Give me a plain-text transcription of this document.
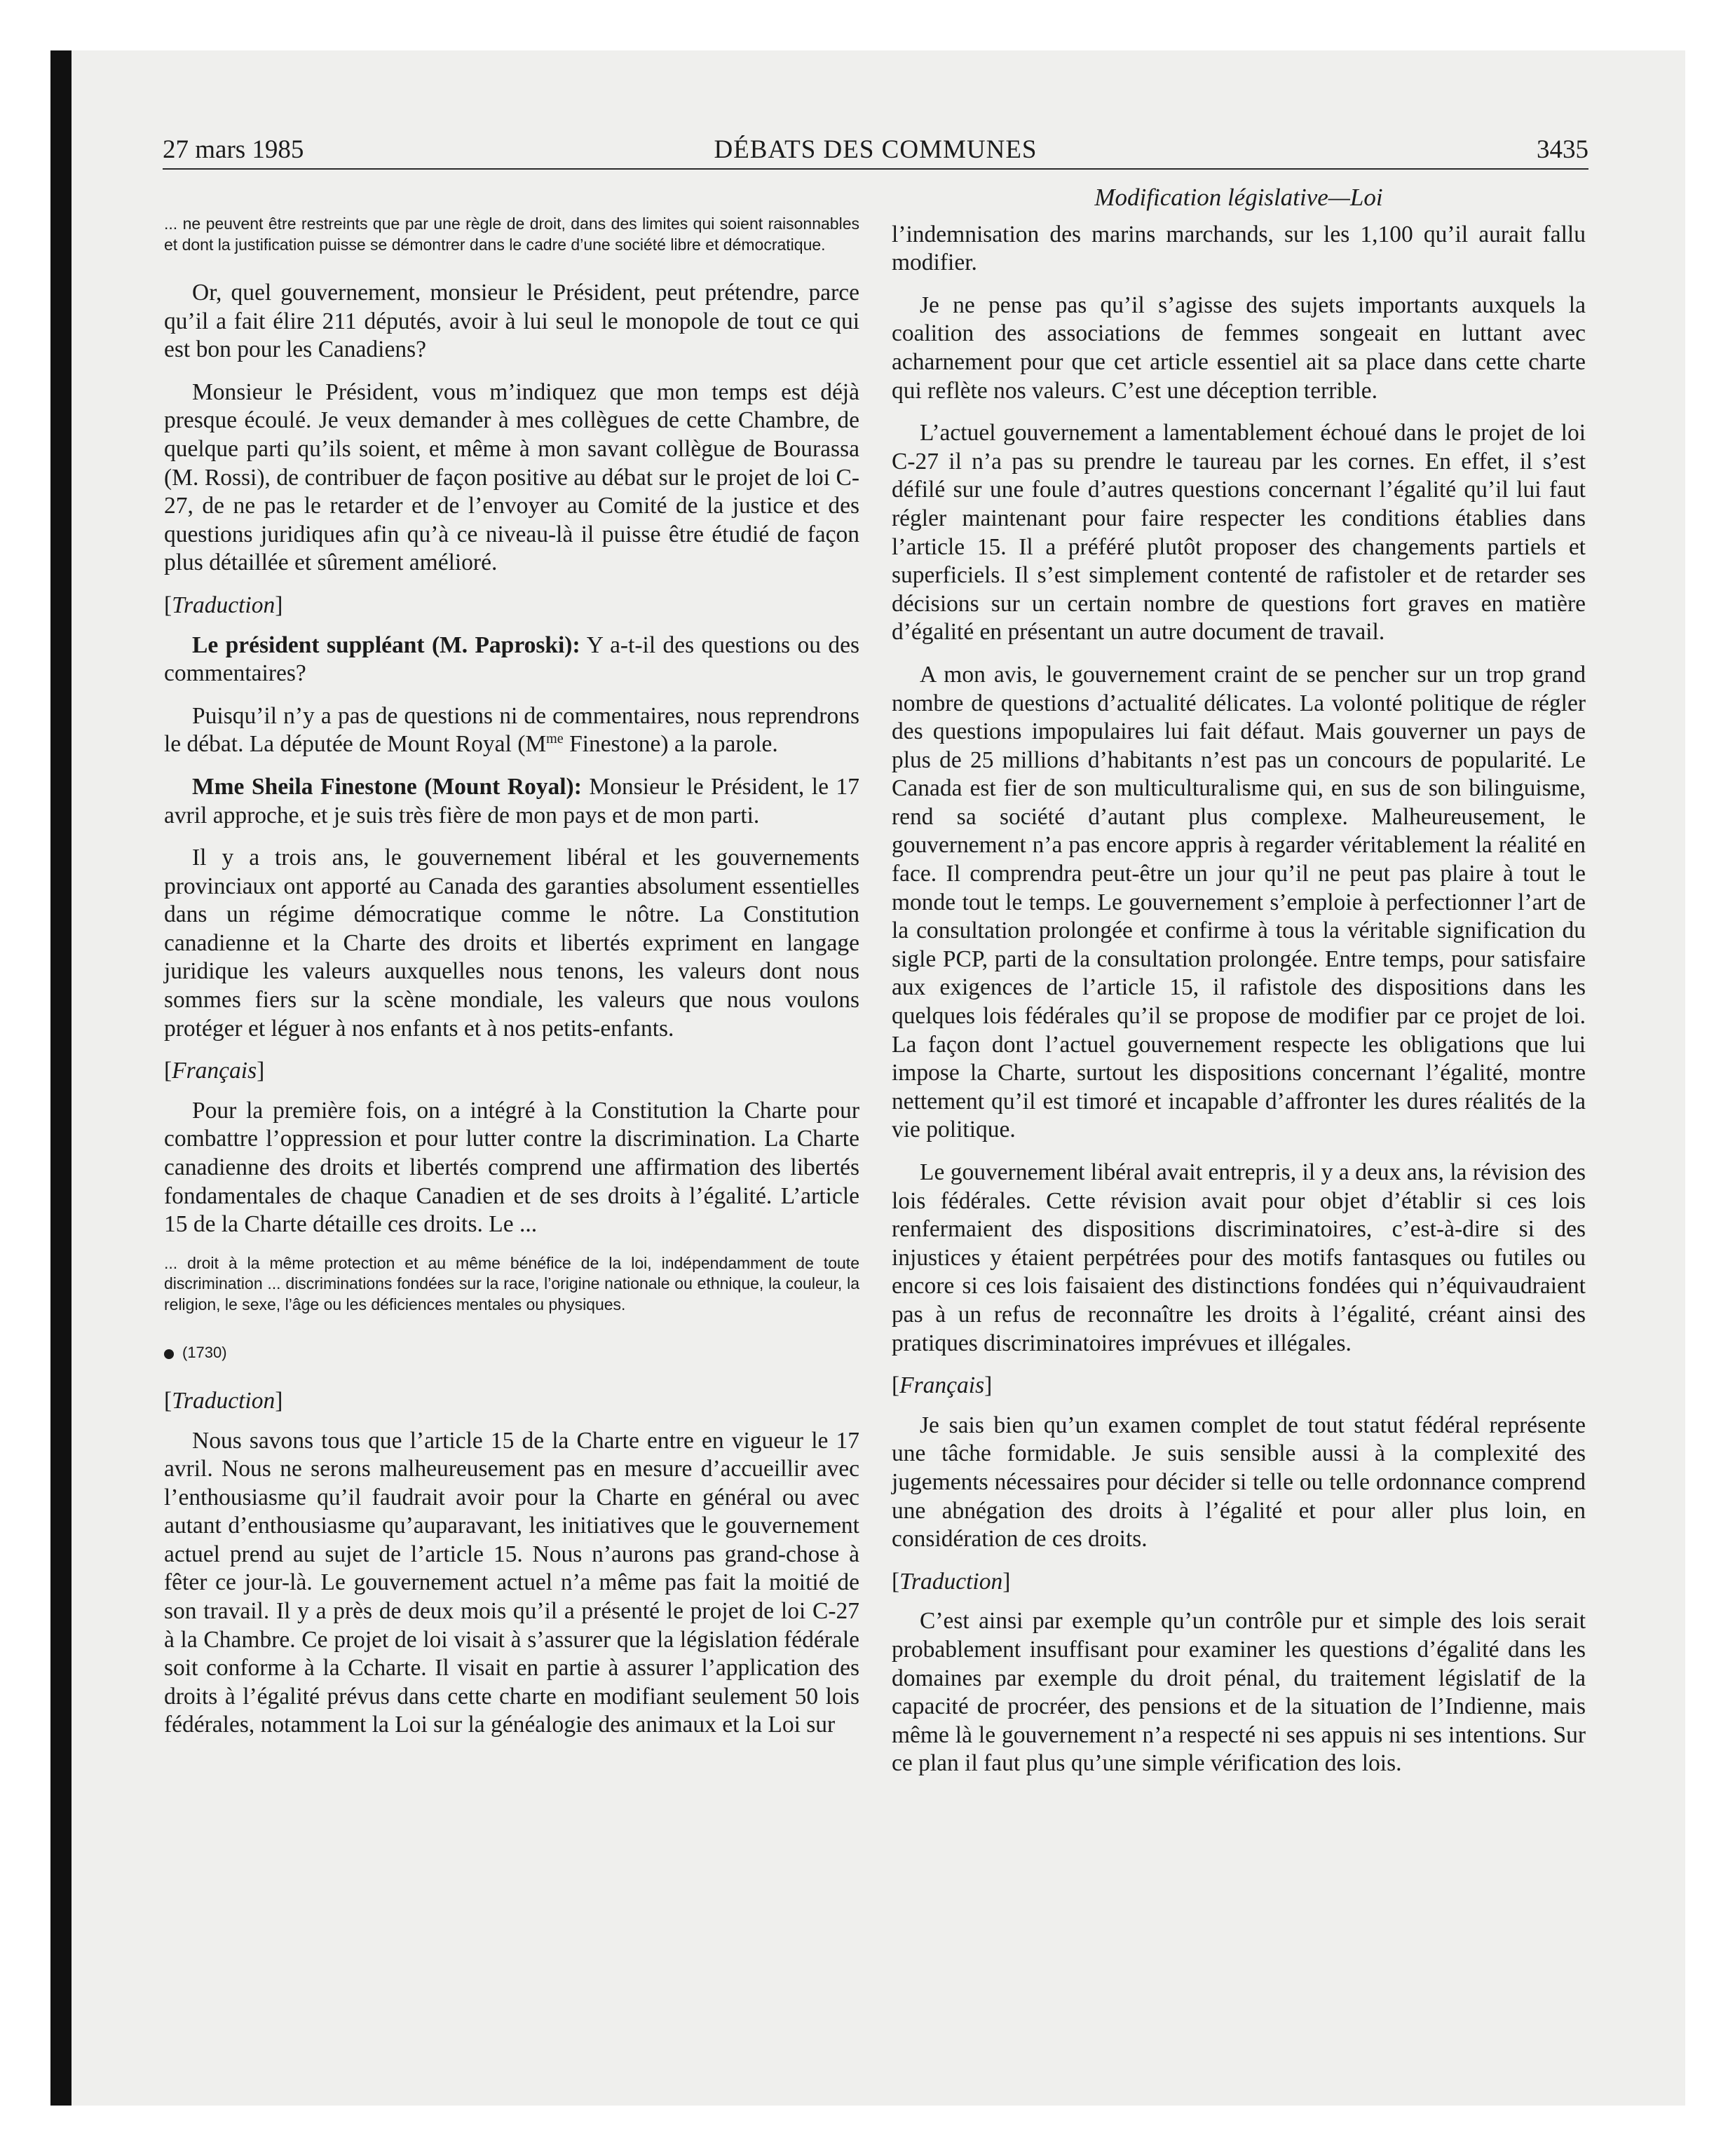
27 mars 1985	DÉBATS DES COMMUNES	3435

... ne peuvent être restreints que par une règle de droit, dans des limites qui soient raisonnables et dont la justification puisse se démontrer dans le cadre d’une société libre et démocratique.

Or, quel gouvernement, monsieur le Président, peut prétendre, parce qu’il a fait élire 211 députés, avoir à lui seul le monopole de tout ce qui est bon pour les Canadiens?

Monsieur le Président, vous m’indiquez que mon temps est déjà presque écoulé. Je veux demander à mes collègues de cette Chambre, de quelque parti qu’ils soient, et même à mon savant collègue de Bourassa (M. Rossi), de contribuer de façon positive au débat sur le projet de loi C-27, de ne pas le retarder et de l’envoyer au Comité de la justice et des questions juridiques afin qu’à ce niveau-là il puisse être étudié de façon plus détaillée et sûrement amélioré.

[Traduction]

Le président suppléant (M. Paproski): Y a-t-il des questions ou des commentaires?

Puisqu’il n’y a pas de questions ni de commentaires, nous reprendrons le débat. La députée de Mount Royal ($M^{me}$ Finestone) a la parole.

Mme Sheila Finestone (Mount Royal): Monsieur le Président, le 17 avril approche, et je suis très fière de mon pays et de mon parti.

Il y a trois ans, le gouvernement libéral et les gouvernements provinciaux ont apporté au Canada des garanties absolument essentielles dans un régime démocratique comme le nôtre. La Constitution canadienne et la Charte des droits et libertés expriment en langage juridique les valeurs auxquelles nous tenons, les valeurs dont nous sommes fiers sur la scène mondiale, les valeurs que nous voulons protéger et léguer à nos enfants et à nos petits-enfants.

[Français]

Pour la première fois, on a intégré à la Constitution la Charte pour combattre l’oppression et pour lutter contre la discrimination. La Charte canadienne des droits et libertés comprend une affirmation des libertés fondamentales de chaque Canadien et de ses droits à l’égalité. L’article 15 de la Charte détaille ces droits. Le ...

... droit à la même protection et au même bénéfice de la loi, indépendamment de toute discrimination ... discriminations fondées sur la race, l’origine nationale ou ethnique, la couleur, la religion, le sexe, l’âge ou les déficiences mentales ou physiques.

(1730)

[Traduction]

Nous savons tous que l’article 15 de la Charte entre en vigueur le 17 avril. Nous ne serons malheureusement pas en mesure d’accueillir avec l’enthousiasme qu’il faudrait avoir pour la Charte en général ou avec autant d’enthousiasme qu’auparavant, les initiatives que le gouvernement actuel prend au sujet de l’article 15. Nous n’aurons pas grand-chose à fêter ce jour-là. Le gouvernement actuel n’a même pas fait la moitié de son travail. Il y a près de deux mois qu’il a présenté le projet de loi C-27 à la Chambre. Ce projet de loi visait à s’assurer que la législation fédérale soit conforme à la Ccharte. Il visait en partie à assurer l’application des droits à l’égalité prévus dans cette charte en modifiant seulement 50 lois fédérales, notamment la Loi sur la généalogie des animaux et la Loi sur

Modification législative—Loi

l’indemnisation des marins marchands, sur les 1,100 qu’il aurait fallu modifier.

Je ne pense pas qu’il s’agisse des sujets importants auxquels la coalition des associations de femmes songeait en luttant avec acharnement pour que cet article essentiel ait sa place dans cette charte qui reflète nos valeurs. C’est une déception terrible.

L’actuel gouvernement a lamentablement échoué dans le projet de loi C-27 il n’a pas su prendre le taureau par les cornes. En effet, il s’est défilé sur une foule d’autres questions concernant l’égalité qu’il lui faut régler maintenant pour faire respecter les conditions établies dans l’article 15. Il a préféré plutôt proposer des changements partiels et superficiels. Il s’est simplement contenté de rafistoler et de retarder ses décisions sur un certain nombre de questions fort graves en matière d’égalité en présentant un autre document de travail.

A mon avis, le gouvernement craint de se pencher sur un trop grand nombre de questions d’actualité délicates. La volonté politique de régler des questions impopulaires lui fait défaut. Mais gouverner un pays de plus de 25 millions d’habitants n’est pas un concours de popularité. Le Canada est fier de son multiculturalisme qui, en sus de son bilinguisme, rend sa société d’autant plus complexe. Malheureusement, le gouvernement n’a pas encore appris à regarder véritablement la réalité en face. Il comprendra peut-être un jour qu’il ne peut pas plaire à tout le monde tout le temps. Le gouvernement s’emploie à perfectionner l’art de la consultation prolongée et confirme à tous la véritable signification du sigle PCP, parti de la consultation prolongée. Entre temps, pour satisfaire aux exigences de l’article 15, il rafistole des dispositions dans les quelques lois fédérales qu’il se propose de modifier par ce projet de loi. La façon dont l’actuel gouvernement respecte les obligations que lui impose la Charte, surtout les dispositions concernant l’égalité, montre nettement qu’il est timoré et incapable d’affronter les dures réalités de la vie politique.

Le gouvernement libéral avait entrepris, il y a deux ans, la révision des lois fédérales. Cette révision avait pour objet d’établir si ces lois renfermaient des dispositions discriminatoires, c’est-à-dire si des injustices y étaient perpétrées pour des motifs fantasques ou futiles ou encore si ces lois faisaient des distinctions fondées qui n’équivaudraient pas à un refus de reconnaître les droits à l’égalité, créant ainsi des pratiques discriminatoires imprévues et illégales.

[Français]

Je sais bien qu’un examen complet de tout statut fédéral représente une tâche formidable. Je suis sensible aussi à la complexité des jugements nécessaires pour décider si telle ou telle ordonnance comprend une abnégation des droits à l’égalité et pour aller plus loin, en considération de ces droits.

[Traduction]

C’est ainsi par exemple qu’un contrôle pur et simple des lois serait probablement insuffisant pour examiner les questions d’égalité dans les domaines par exemple du droit pénal, du traitement législatif de la capacité de procréer, des pensions et de la situation de l’Indienne, mais même là le gouvernement n’a respecté ni ses appuis ni ses intentions. Sur ce plan il faut plus qu’une simple vérification des lois.
